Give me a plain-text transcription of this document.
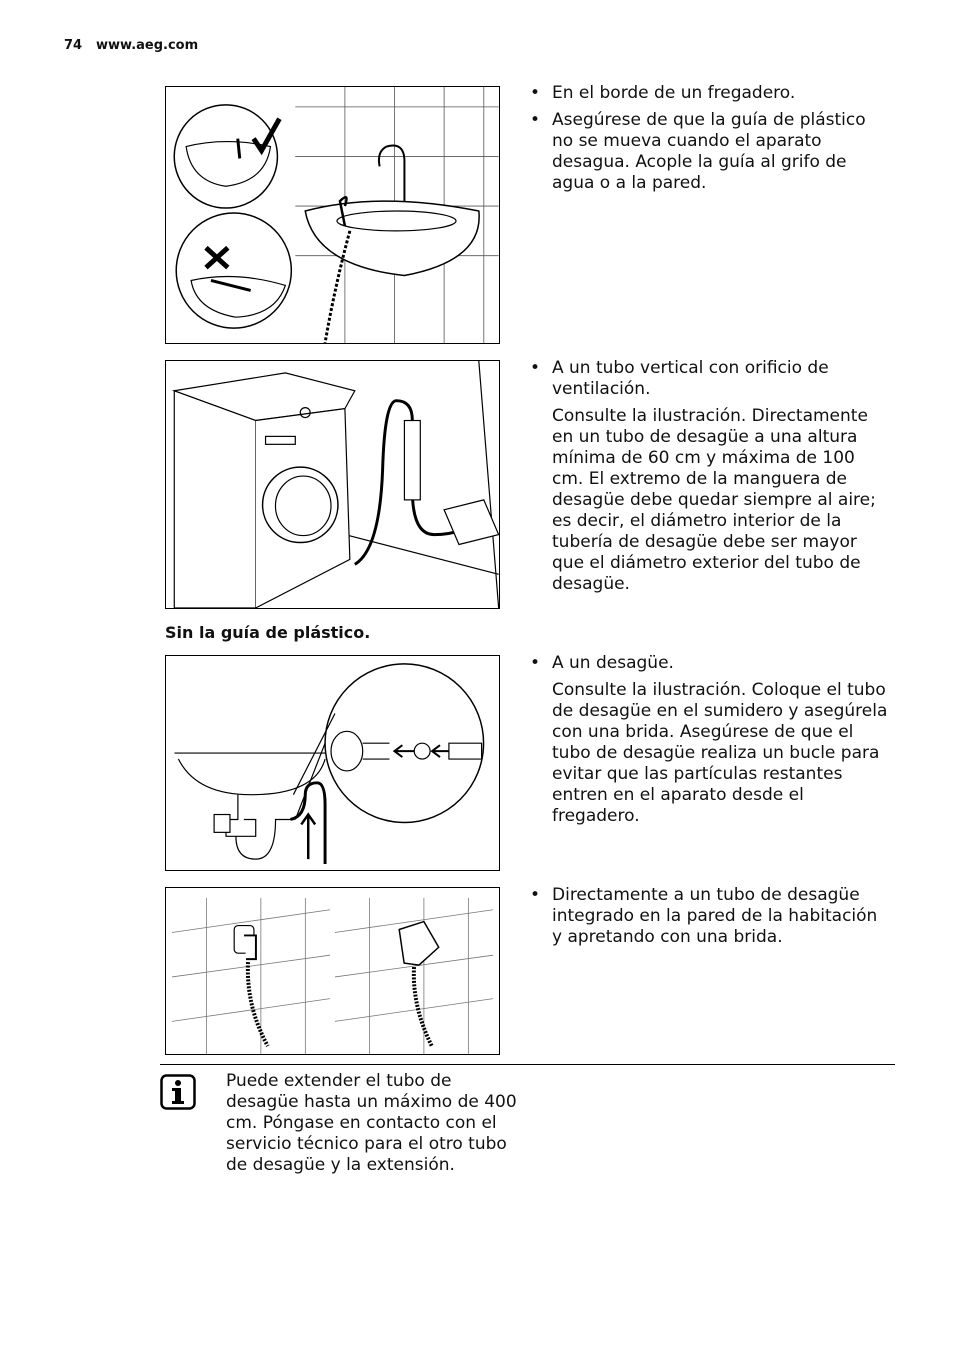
74 www.aeg.com

• En el borde de un fregadero.

• Asegúrese de que la guía de plástico no se mueva cuando el aparato desagua. Acople la guía al grifo de agua o a la pared.

• A un tubo vertical con orificio de ventilación.

Consulte la ilustración. Directamente en un tubo de desagüe a una altura mínima de 60 cm y máxima de 100 cm. El extremo de la manguera de desagüe debe quedar siempre al aire; es decir, el diámetro interior de la tubería de desagüe debe ser mayor que el diámetro exterior del tubo de desagüe.

Sin la guía de plástico.

• A un desagüe.

Consulte la ilustración. Coloque el tubo de desagüe en el sumidero y asegúrela con una brida. Asegúrese de que el tubo de desagüe realiza un bucle para evitar que las partículas restantes entren en el aparato desde el fregadero.

• Directamente a un tubo de desagüe integrado en la pared de la habitación y apretando con una brida.

Puede extender el tubo de desagüe hasta un máximo de 400 cm. Póngase en contacto con el servicio técnico para el otro tubo de desagüe y la extensión.
